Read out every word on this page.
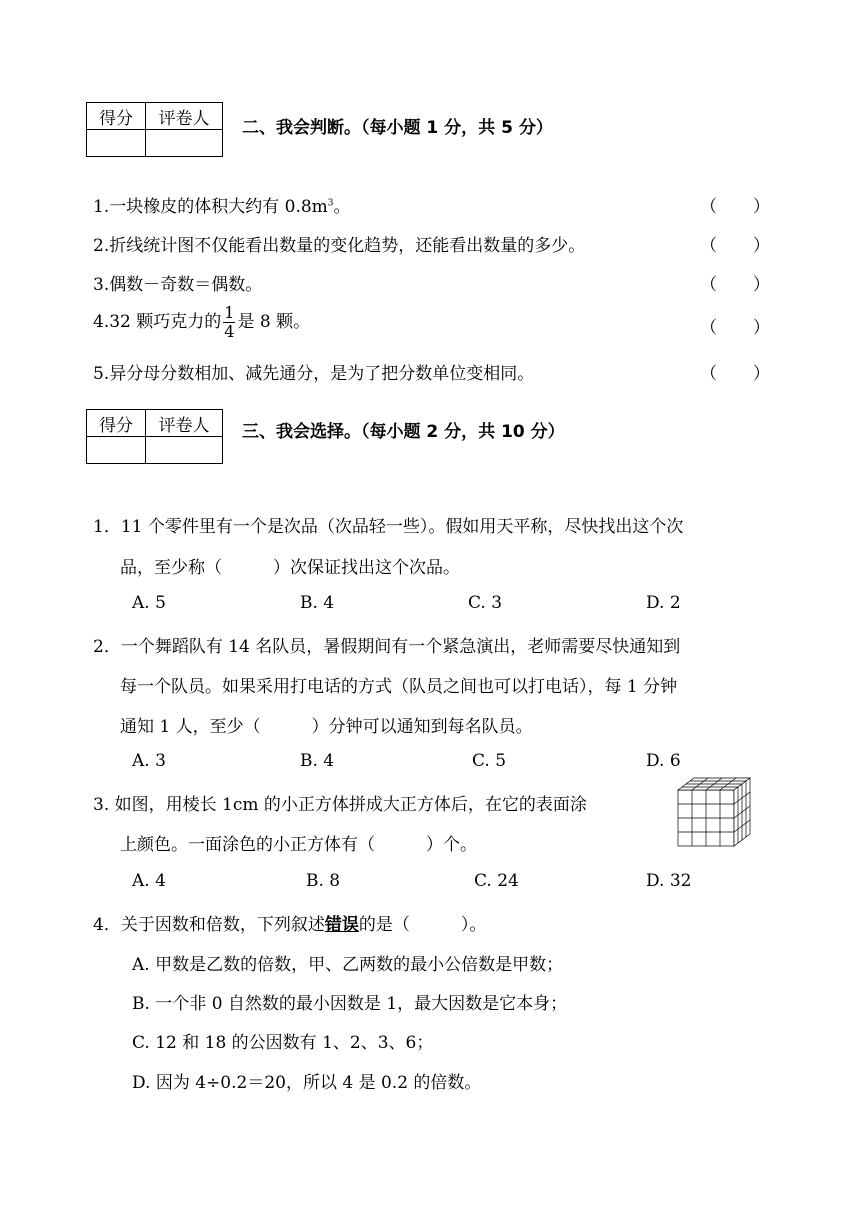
得分	评卷人
	二、我会判断。（每小题 1 分，共 5 分）
1.一块橡皮的体积大约有 $0.8m^3$。	（ ）
2.折线统计图不仅能看出数量的变化趋势，还能看出数量的多少。	（ ）
3.偶数－奇数＝偶数。	（ ）
4.32 颗巧克力的 $\frac{1}{4}$ 是 8 颗。	（ ）
5.异分母分数相加、减先通分，是为了把分数单位变相同。	（ ）
得分	评卷人
	三、我会选择。（每小题 2 分，共 10 分）
1．11 个零件里有一个是次品（次品轻一些）。假如用天平称，尽快找出这个次
品，至少称（　　　）次保证找出这个次品。
A. 5	B. 4	C. 3	D. 2
2．一个舞蹈队有 14 名队员，暑假期间有一个紧急演出，老师需要尽快通知到
每一个队员。如果采用打电话的方式（队员之间也可以打电话），每 1 分钟
通知 1 人，至少（　　　）分钟可以通知到每名队员。
A. 3	B. 4	C. 5	D. 6
3. 如图，用棱长 1cm 的小正方体拼成大正方体后，在它的表面涂
上颜色。一面涂色的小正方体有（　　　）个。
A. 4	B. 8	C. 24	D. 32
4．关于因数和倍数，下列叙述错误的是（　　　）。
A. 甲数是乙数的倍数，甲、乙两数的最小公倍数是甲数；
B. 一个非 0 自然数的最小因数是 1，最大因数是它本身；
C. 12 和 18 的公因数有 1、2、3、6；
D. 因为 4÷0.2＝20，所以 4 是 0.2 的倍数。
